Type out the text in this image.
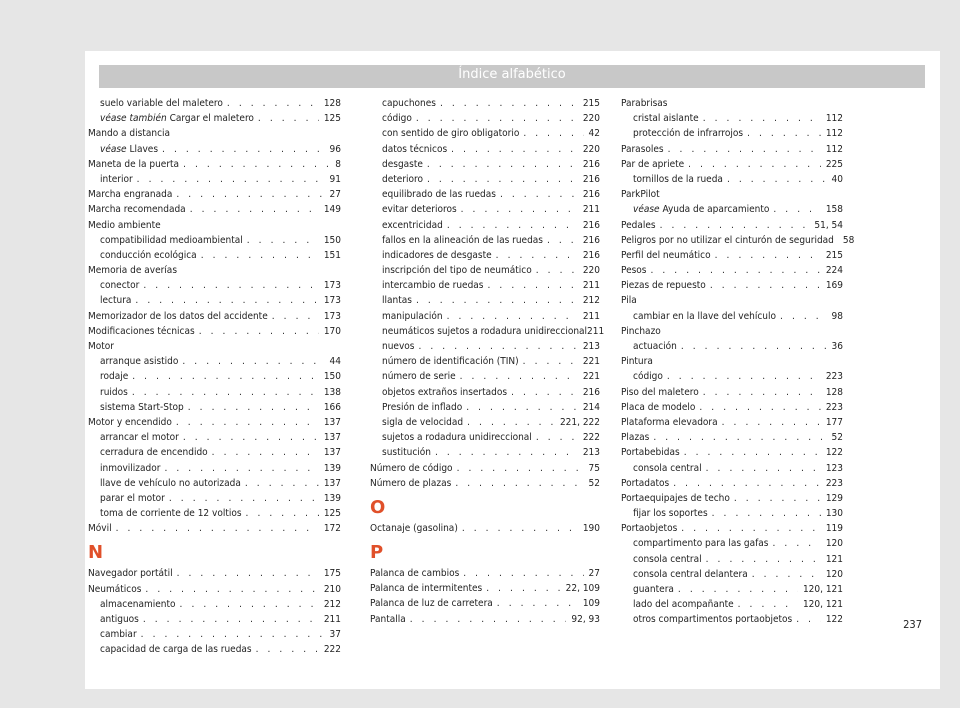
Índice alfabético
suelo variable del maletero . . .	128
véase también Cargar el maletero . . .	125
Mando a distancia
véase Llaves . . .	96
Maneta de la puerta . . .	8
interior . . .	91
Marcha engranada . . .	27
Marcha recomendada . . .	149
Medio ambiente
compatibilidad medioambiental . . .	150
conducción ecológica . . .	151
Memoria de averías
conector . . .	173
lectura . . .	173
Memorizador de los datos del accidente . . .	173
Modificaciones técnicas . . .	170
Motor
arranque asistido . . .	44
rodaje . . .	150
ruidos . . .	138
sistema Start-Stop . . .	166
Motor y encendido . . .	137
arrancar el motor . . .	137
cerradura de encendido . . .	137
inmovilizador . . .	139
llave de vehículo no autorizada . . .	137
parar el motor . . .	139
toma de corriente de 12 voltios . . .	125
Móvil . . .	172
N
Navegador portátil . . .	175
Neumáticos . . .	210
almacenamiento . . .	212
antiguos . . .	211
cambiar . . .	37
capacidad de carga de las ruedas . . .	222
capuchones . . .	215
código . . .	220
con sentido de giro obligatorio . . .	42
datos técnicos . . .	220
desgaste . . .	216
deterioro . . .	216
equilibrado de las ruedas . . .	216
evitar deterioros . . .	211
excentricidad . . .	216
fallos en la alineación de las ruedas . . .	216
indicadores de desgaste . . .	216
inscripción del tipo de neumático . . .	220
intercambio de ruedas . . .	211
llantas . . .	212
manipulación . . .	211
neumáticos sujetos a rodadura unidireccional 211
nuevos . . .	213
número de identificación (TIN) . . .	221
número de serie . . .	221
objetos extraños insertados . . .	216
Presión de inflado . . .	214
sigla de velocidad . . .	221, 222
sujetos a rodadura unidireccional . . .	222
sustitución . . .	213
Número de código . . .	75
Número de plazas . . .	52
O
Octanaje (gasolina) . . .	190
P
Palanca de cambios . . .	27
Palanca de intermitentes . . .	22, 109
Palanca de luz de carretera . . .	109
Pantalla . . .	92, 93
Parabrisas
cristal aislante . . .	112
protección de infrarrojos . . .	112
Parasoles . . .	112
Par de apriete . . .	225
tornillos de la rueda . . .	40
ParkPilot
véase Ayuda de aparcamiento . . .	158
Pedales . . .	51, 54
Peligros por no utilizar el cinturón de seguridad 58
Perfil del neumático . . .	215
Pesos . . .	224
Piezas de repuesto . . .	169
Pila
cambiar en la llave del vehículo . . .	98
Pinchazo
actuación . . .	36
Pintura
código . . .	223
Piso del maletero . . .	128
Placa de modelo . . .	223
Plataforma elevadora . . .	177
Plazas . . .	52
Portabebidas . . .	122
consola central . . .	123
Portadatos . . .	223
Portaequipajes de techo . . .	129
fijar los soportes . . .	130
Portaobjetos . . .	119
compartimento para las gafas . . .	120
consola central . . .	121
consola central delantera . . .	120
guantera . . .	120, 121
lado del acompañante . . .	120, 121
otros compartimentos portaobjetos . . .	122	237
